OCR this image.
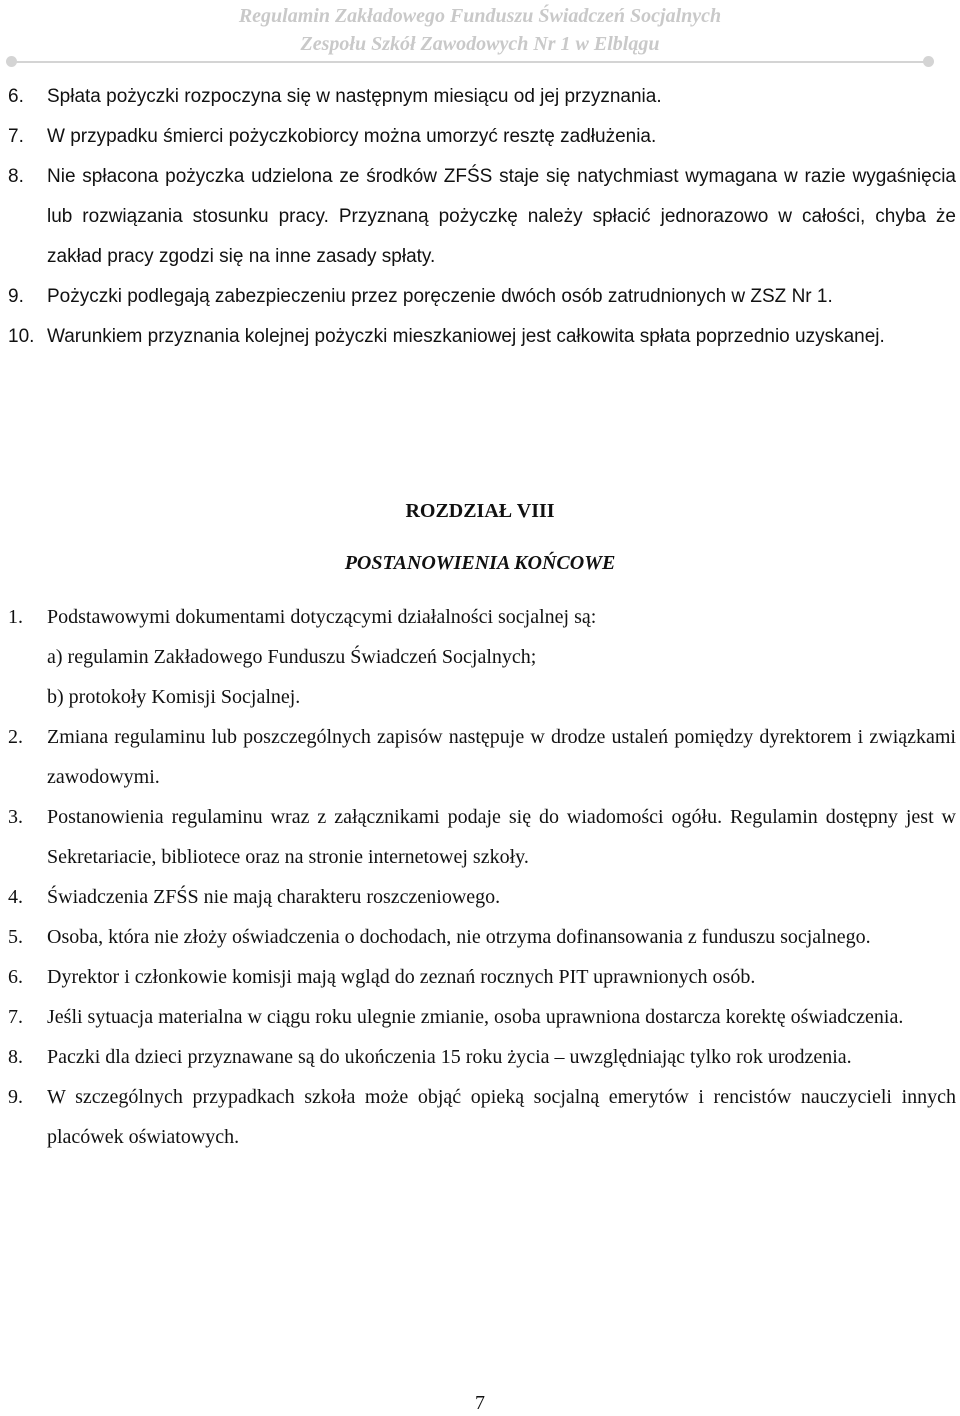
Regulamin Zakładowego Funduszu Świadczeń Socjalnych
Zespołu Szkół Zawodowych Nr 1 w Elblągu
6. Spłata pożyczki rozpoczyna się w następnym miesiącu od jej przyznania.
7. W przypadku śmierci pożyczkobiorcy można umorzyć resztę zadłużenia.
8. Nie spłacona pożyczka udzielona ze środków ZFŚS staje się natychmiast wymagana w razie wygaśnięcia lub rozwiązania stosunku pracy. Przyznaną pożyczkę należy spłacić jednorazowo w całości, chyba że zakład pracy zgodzi się na inne zasady spłaty.
9. Pożyczki podlegają zabezpieczeniu przez poręczenie dwóch osób zatrudnionych w ZSZ Nr 1.
10. Warunkiem przyznania kolejnej pożyczki mieszkaniowej jest całkowita spłata poprzednio uzyskanej.
ROZDZIAŁ VIII
POSTANOWIENIA KOŃCOWE
1. Podstawowymi dokumentami dotyczącymi działalności socjalnej są:
a) regulamin Zakładowego Funduszu Świadczeń Socjalnych;
b) protokoły Komisji Socjalnej.
2. Zmiana regulaminu lub poszczególnych zapisów następuje w drodze ustaleń pomiędzy dyrektorem i związkami zawodowymi.
3. Postanowienia regulaminu wraz z załącznikami podaje się do wiadomości ogółu. Regulamin dostępny jest w Sekretariacie, bibliotece oraz na stronie internetowej szkoły.
4. Świadczenia ZFŚS nie mają charakteru roszczeniowego.
5. Osoba, która nie złoży oświadczenia o dochodach, nie otrzyma dofinansowania z funduszu socjalnego.
6. Dyrektor i członkowie komisji mają wgląd do zeznań rocznych PIT uprawnionych osób.
7. Jeśli sytuacja materialna w ciągu roku ulegnie zmianie, osoba uprawniona dostarcza korektę oświadczenia.
8. Paczki dla dzieci przyznawane są do ukończenia 15 roku życia – uwzględniając tylko rok urodzenia.
9. W szczególnych przypadkach szkoła może objąć opieką socjalną emerytów i rencistów nauczycieli innych placówek oświatowych.
7
